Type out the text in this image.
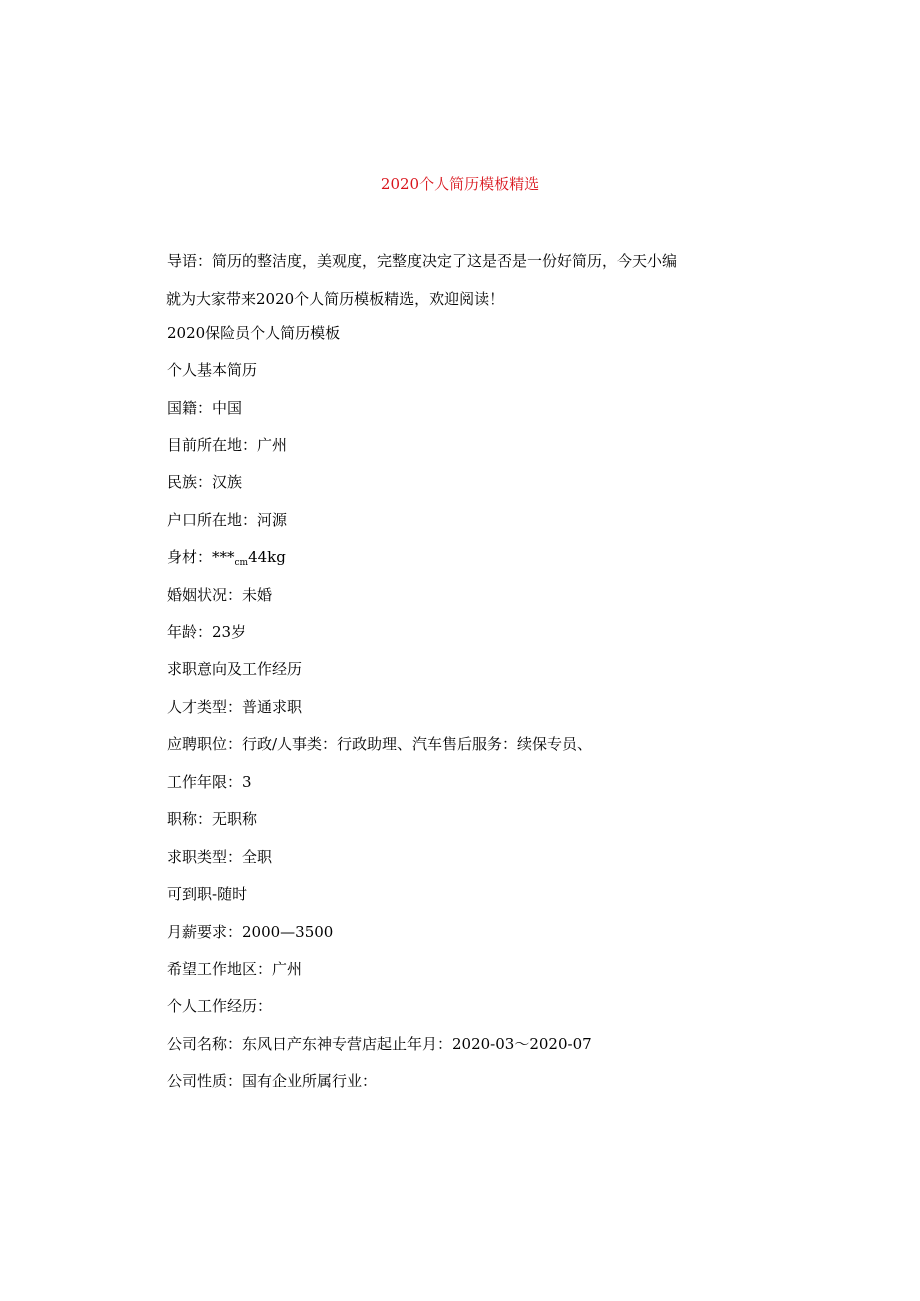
2020个人简历模板精选
导语：简历的整洁度，美观度，完整度决定了这是否是一份好简历，今天小编
就为大家带来2020个人简历模板精选，欢迎阅读！
2020保险员个人简历模板
个人基本简历
国籍：中国
目前所在地：广州
民族：汉族
户口所在地：河源
身材：$***_{cm}44kg$
婚姻状况：未婚
年龄：23岁
求职意向及工作经历
人才类型：普通求职
应聘职位：行政/人事类：行政助理、汽车售后服务：续保专员、
工作年限：3
职称：无职称
求职类型：全职
可到职-随时
月薪要求：2000—3500
希望工作地区：广州
个人工作经历：
公司名称：东风日产东神专营店起止年月：2020-03～2020-07
公司性质：国有企业所属行业：
